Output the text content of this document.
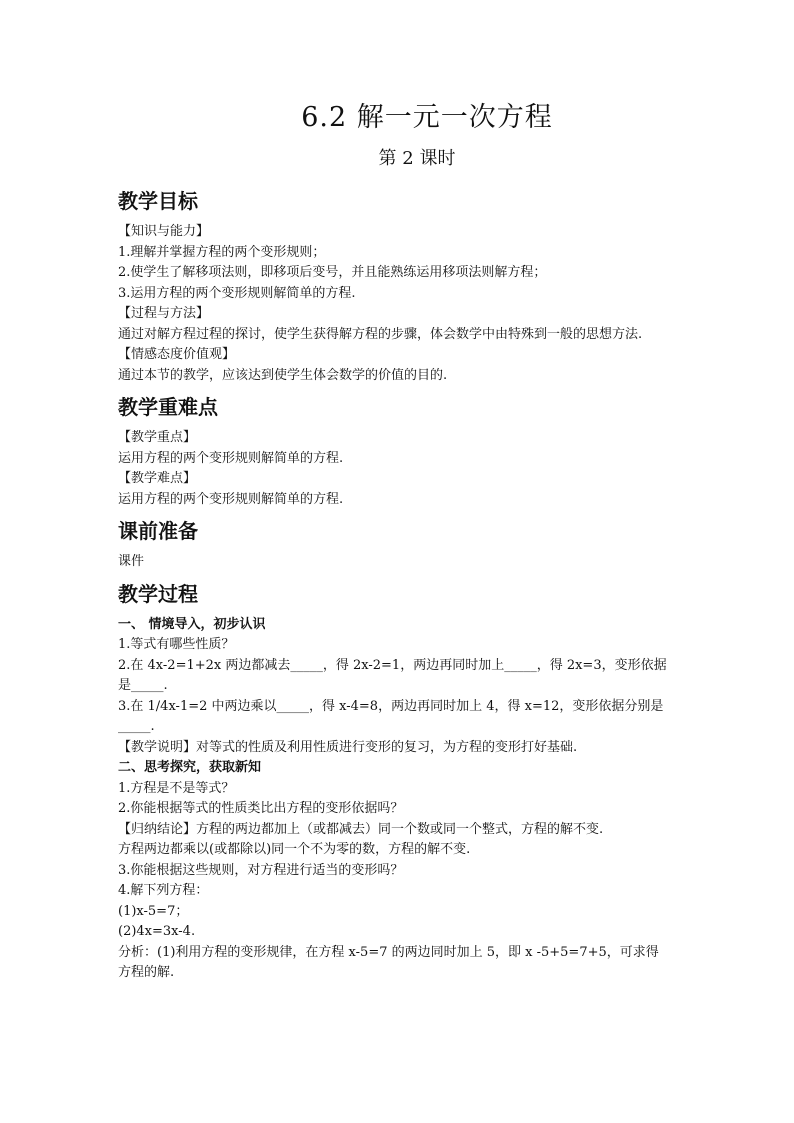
6.2 解一元一次方程
第 2 课时
教学目标
【知识与能力】
1.理解并掌握方程的两个变形规则；
2.使学生了解移项法则，即移项后变号，并且能熟练运用移项法则解方程；
3.运用方程的两个变形规则解简单的方程.
【过程与方法】
通过对解方程过程的探讨，使学生获得解方程的步骤，体会数学中由特殊到一般的思想方法.
【情感态度价值观】
通过本节的教学，应该达到使学生体会数学的价值的目的.
教学重难点
【教学重点】
运用方程的两个变形规则解简单的方程.
【教学难点】
运用方程的两个变形规则解简单的方程.
课前准备
课件
教学过程
一、 情境导入，初步认识
1.等式有哪些性质？
2.在 4x-2=1+2x 两边都减去_____，得 2x-2=1，两边再同时加上_____，得 2x=3，变形依据
是_____.
3.在 1/4x-1=2 中两边乘以_____，得 x-4=8，两边再同时加上 4，得 x=12，变形依据分别是
_____.
【教学说明】对等式的性质及利用性质进行变形的复习，为方程的变形打好基础.
二、思考探究，获取新知
1.方程是不是等式？
2.你能根据等式的性质类比出方程的变形依据吗？
【归纳结论】方程的两边都加上（或都减去）同一个数或同一个整式，方程的解不变.
方程两边都乘以(或都除以)同一个不为零的数，方程的解不变.
3.你能根据这些规则，对方程进行适当的变形吗？
4.解下列方程：
(1)x-5=7；
(2)4x=3x-4.
分析：(1)利用方程的变形规律，在方程 x-5=7 的两边同时加上 5，即 x -5+5=7+5，可求得
方程的解.
